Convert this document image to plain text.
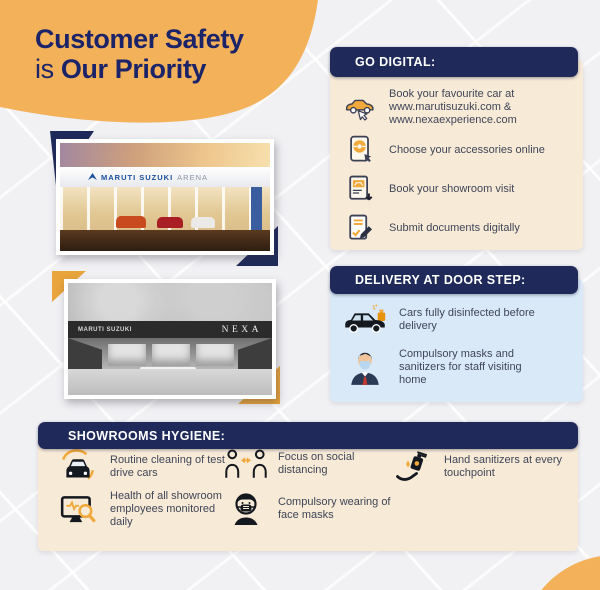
Customer Safety
is Our Priority
MARUTI SUZUKI ARENA
MARUTI SUZUKI	NEXA
GO DIGITAL:
Book your favourite car at www.marutisuzuki.com & www.nexaexperience.com
Choose your accessories online
Book your showroom visit
Submit documents digitally
DELIVERY AT DOOR STEP:
Cars fully disinfected before delivery
Compulsory masks and sanitizers for staff visiting home
SHOWROOMS HYGIENE:
Routine cleaning of test drive cars
Health of all showroom employees monitored daily
Focus on social distancing
Compulsory wearing of face masks
Hand sanitizers at every touchpoint
